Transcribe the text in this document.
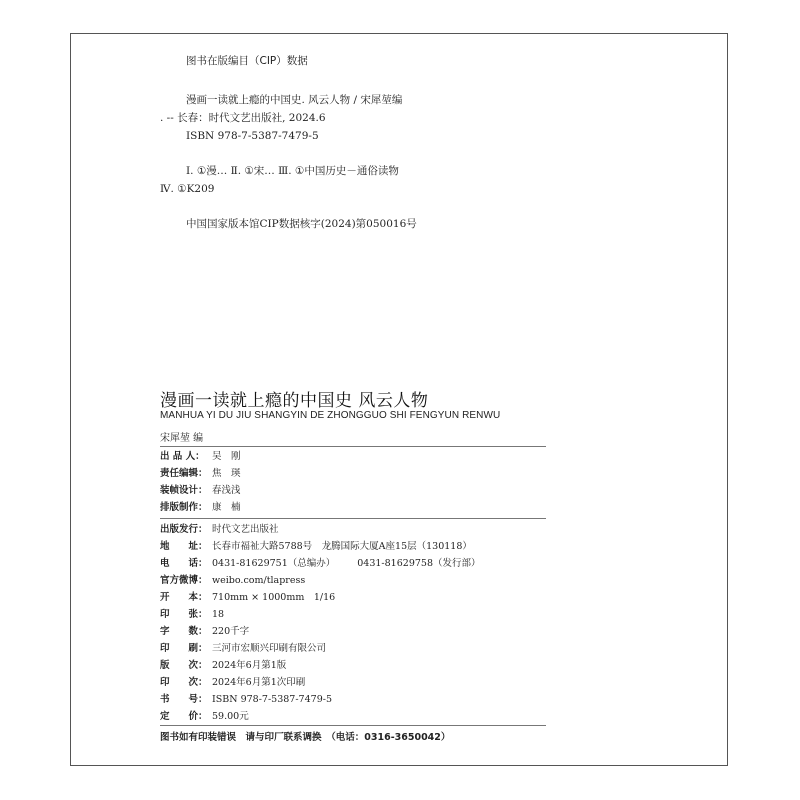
图书在版编目（CIP）数据
漫画一读就上瘾的中国史. 风云人物 / 宋犀堃编
. -- 长春：时代文艺出版社, 2024.6
ISBN 978-7-5387-7479-5
Ⅰ. ①漫… Ⅱ. ①宋… Ⅲ. ①中国历史－通俗读物
Ⅳ. ①K209
中国国家版本馆CIP数据核字(2024)第050016号
漫画一读就上瘾的中国史 风云人物
MANHUA YI DU JIU SHANGYIN DE ZHONGGUO SHI FENGYUN RENWU
宋犀堃 编
出 品 人： 吴　刚
责任编辑： 焦　瑛
装帧设计： 春浅浅
排版制作： 康　楠
出版发行： 时代文艺出版社
地　　址： 长春市福祉大路5788号　龙腾国际大厦A座15层（130118）
电　　话： 0431-81629751（总编办） 0431-81629758（发行部）
官方微博： weibo.com/tlapress
开　　本： 710mm × 1000mm　1/16
印　　张： 18
字　　数： 220千字
印　　刷： 三河市宏顺兴印刷有限公司
版　　次： 2024年6月第1版
印　　次： 2024年6月第1次印刷
书　　号： ISBN 978-7-5387-7479-5
定　　价： 59.00元
图书如有印装错误　请与印厂联系调换　（电话：0316-3650042）
